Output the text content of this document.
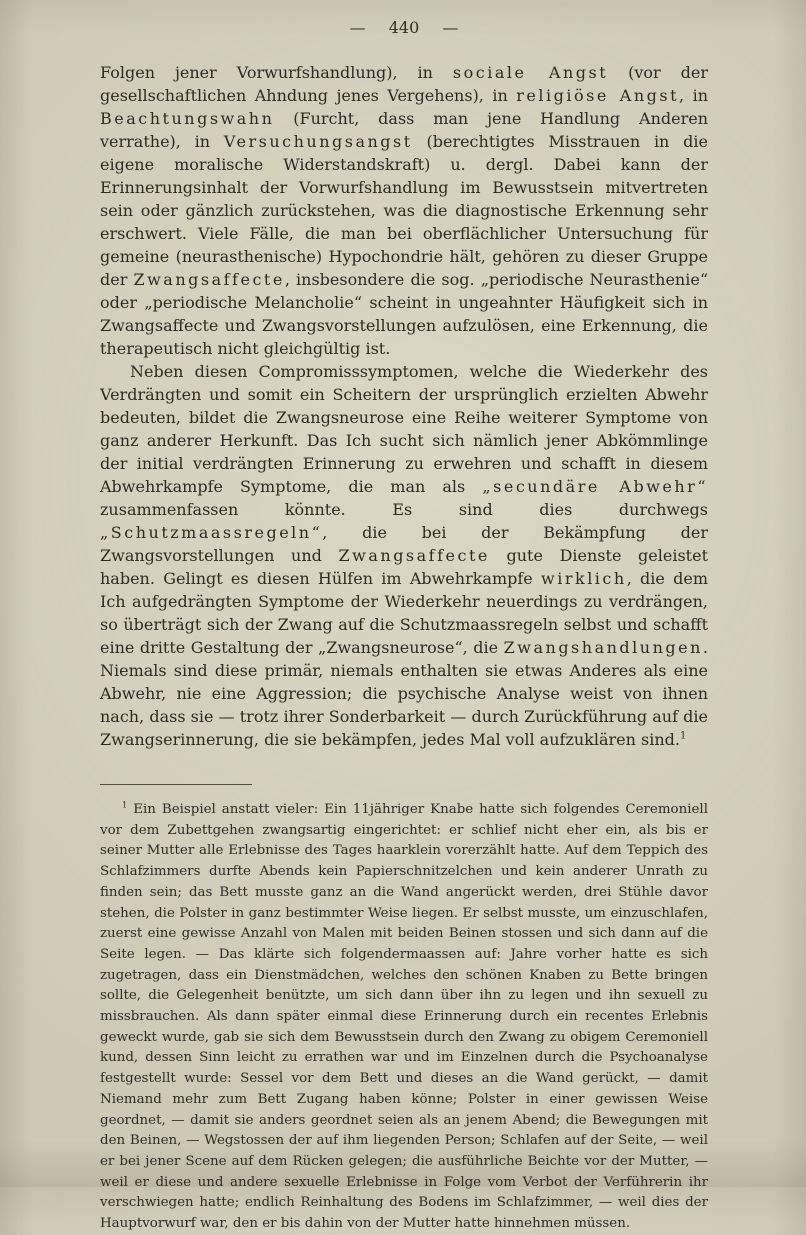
— 440 —

Folgen jener Vorwurfshandlung), in sociale Angst (vor der gesellschaftlichen Ahndung jenes Vergehens), in religiöse Angst, in Beachtungswahn (Furcht, dass man jene Handlung Anderen verrathe), in Versuchungsangst (berechtigtes Misstrauen in die eigene moralische Widerstandskraft) u. dergl. Dabei kann der Erinnerungsinhalt der Vorwurfshandlung im Bewusstsein mitvertreten sein oder gänzlich zurückstehen, was die diagnostische Erkennung sehr erschwert. Viele Fälle, die man bei oberflächlicher Untersuchung für gemeine (neurasthenische) Hypochondrie hält, gehören zu dieser Gruppe der Zwangsaffecte, insbesondere die sog. „periodische Neurasthenie“ oder „periodische Melancholie“ scheint in ungeahnter Häufigkeit sich in Zwangsaffecte und Zwangsvorstellungen aufzulösen, eine Erkennung, die therapeutisch nicht gleichgültig ist.

Neben diesen Compromisssymptomen, welche die Wiederkehr des Verdrängten und somit ein Scheitern der ursprünglich erzielten Abwehr bedeuten, bildet die Zwangsneurose eine Reihe weiterer Symptome von ganz anderer Herkunft. Das Ich sucht sich nämlich jener Abkömmlinge der initial verdrängten Erinnerung zu erwehren und schafft in diesem Abwehrkampfe Symptome, die man als „secundäre Abwehr“ zusammenfassen könnte. Es sind dies durchwegs „Schutzmaassregeln“, die bei der Bekämpfung der Zwangsvorstellungen und Zwangsaffecte gute Dienste geleistet haben. Gelingt es diesen Hülfen im Abwehrkampfe wirklich, die dem Ich aufgedrängten Symptome der Wiederkehr neuerdings zu verdrängen, so überträgt sich der Zwang auf die Schutzmaassregeln selbst und schafft eine dritte Gestaltung der „Zwangsneurose“, die Zwangshandlungen. Niemals sind diese primär, niemals enthalten sie etwas Anderes als eine Abwehr, nie eine Aggression; die psychische Analyse weist von ihnen nach, dass sie — trotz ihrer Sonderbarkeit — durch Zurückführung auf die Zwangserinnerung, die sie bekämpfen, jedes Mal voll aufzuklären sind.$^1$

$^1$ Ein Beispiel anstatt vieler: Ein 11jähriger Knabe hatte sich folgendes Ceremoniell vor dem Zubettgehen zwangsartig eingerichtet: er schlief nicht eher ein, als bis er seiner Mutter alle Erlebnisse des Tages haarklein vorerzählt hatte. Auf dem Teppich des Schlafzimmers durfte Abends kein Papierschnitzelchen und kein anderer Unrath zu finden sein; das Bett musste ganz an die Wand angerückt werden, drei Stühle davor stehen, die Polster in ganz bestimmter Weise liegen. Er selbst musste, um einzuschlafen, zuerst eine gewisse Anzahl von Malen mit beiden Beinen stossen und sich dann auf die Seite legen. — Das klärte sich folgendermaassen auf: Jahre vorher hatte es sich zugetragen, dass ein Dienstmädchen, welches den schönen Knaben zu Bette bringen sollte, die Gelegenheit benützte, um sich dann über ihn zu legen und ihn sexuell zu missbrauchen. Als dann später einmal diese Erinnerung durch ein recentes Erlebnis geweckt wurde, gab sie sich dem Bewusstsein durch den Zwang zu obigem Ceremoniell kund, dessen Sinn leicht zu errathen war und im Einzelnen durch die Psychoanalyse festgestellt wurde: Sessel vor dem Bett und dieses an die Wand gerückt, — damit Niemand mehr zum Bett Zugang haben könne; Polster in einer gewissen Weise geordnet, — damit sie anders geordnet seien als an jenem Abend; die Bewegungen mit den Beinen, — Wegstossen der auf ihm liegenden Person; Schlafen auf der Seite, — weil er bei jener Scene auf dem Rücken gelegen; die ausführliche Beichte vor der Mutter, — weil er diese und andere sexuelle Erlebnisse in Folge vom Verbot der Verführerin ihr verschwiegen hatte; endlich Reinhaltung des Bodens im Schlafzimmer, — weil dies der Hauptvorwurf war, den er bis dahin von der Mutter hatte hinnehmen müssen.
